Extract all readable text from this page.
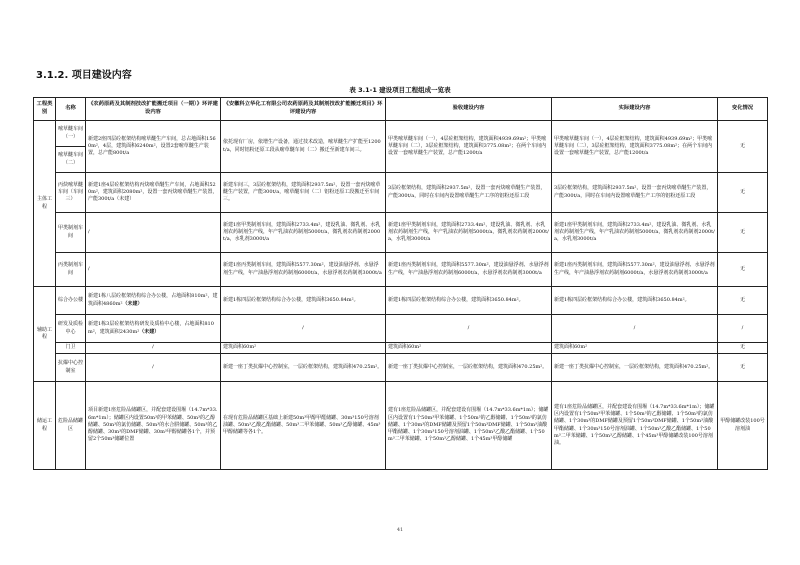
3.1.2. 项目建设内容
表 3.1-1 建设项目工程组成一览表
工程类别	名称	《农药原药及其制剂技改扩能搬迁项目（一期）》环评建设内容	《安徽科立华化工有限公司农药原药及其制剂技改扩能搬迁项目》环评建设内容	验收建设内容	实际建设内容	变化情况
主体工程	嘧草醚车间（一）	新建2座四层砼框架结构嘧草醚生产车间，总占地面积1560m²，4层，建筑面积6240m²，设置2套嘧草醚生产装置，总产能800t/a	依托现有厂房，依增生产设备，通过技术改造，嘧草醚生产扩能至1200t/a，同时铝粉还原工段从嘧草醚车间（二）搬迁至新建车间三。	甲类嘧草醚车间（一），4层砼框架结构，建筑面积4939.69m²；甲类嘧草醚车间（二），3层砼框架结构，建筑面积3775.08m²；在两个车间内设置一套嘧草醚生产装置，总产能1200t/a	甲类嘧草醚车间（一），4层砼框架结构，建筑面积4939.69m²；甲类嘧草醚车间（二），3层砼框架结构，建筑面积3775.08m²；在两个车间内设置一套嘧草醚生产装置，总产能1200t/a	无
	嘧草醚车间（二）					
	丙炔嘧草醚车间（车间三）	新建1座4层砼框架结构丙炔嘧草醚生产车间，占地面积520m²，建筑面积2080m²，设置一套丙炔嘧草醚生产装置，产能300t/a（未建）	新建车间三，3层砼框架结构，建筑面积2937.5m²，设置一套丙炔嘧草醚生产装置，产能300t/a，嘧草醚车间（二）铝粉还原工段搬迁至车间三。	3层砼框架结构，建筑面积2937.5m²，设置一套丙炔嘧草醚生产装置，产能300t/a，同时在车间内设置嘧草醚生产工序的铝粉还原工段	3层砼框架结构，建筑面积2937.5m²，设置一套丙炔嘧草醚生产装置，产能300t/a，同时在车间内设置嘧草醚生产工序的铝粉还原工段	无
	甲类制剂车间	/	新建1座甲类制剂车间，建筑面积2733.4m²，建设乳油、微乳剂、水乳剂农药制剂生产线，年产乳油农药制剂5000t/a，微乳剂农药制剂2000t/a，水乳剂3000t/a	新建1座甲类制剂车间，建筑面积2733.4m²，建设乳油、微乳剂、水乳剂农药制剂生产线，年产乳油农药制剂5000t/a，微乳剂农药制剂2000t/a，水乳剂3000t/a	新建1座甲类制剂车间，建筑面积2733.4m²，建设乳油、微乳剂、水乳剂农药制剂生产线，年产乳油农药制剂5000t/a，微乳剂农药制剂2000t/a，水乳剂3000t/a	无
	丙类制剂车间	/	新建1座丙类制剂车间，建筑面积5577.30m²，建设油悬浮剂、水悬浮剂生产线，年产油悬浮剂农药制剂6000t/a，水悬浮剂农药制剂3000t/a	新建1座丙类制剂车间，建筑面积5577.30m²，建设油悬浮剂、水悬浮剂生产线，年产油悬浮剂农药制剂6000t/a，水悬浮剂农药制剂3000t/a	新建1座丙类制剂车间，建筑面积5577.30m²，建设油悬浮剂、水悬浮剂生产线，年产油悬浮剂农药制剂6000t/a，水悬浮剂农药制剂3000t/a	无
辅助工程	综合办公楼	新建1栋八层砼框架结构综合办公楼，占地面积810m²，建筑面积4860m²（未建）	新建1栋四层砼框架结构综合办公楼，建筑面积3650.84m²。	新建1栋四层砼框架结构综合办公楼，建筑面积3650.84m²。	新建1栋四层砼框架结构综合办公楼，建筑面积3650.84m²。	无
	研发及质检中心	新建1栋3层砼框架结构研发及质检中心楼，占地面积810m²，建筑面积2430m²（未建）	/	/	/	/
	门卫	/	建筑面积60m²	建筑面积60m²	建筑面积60m²	无
	抗爆中心控制室	/	新建一座丁类抗爆中心控制室，一层砼框架结构，建筑面积470.25m²。	新建一座丁类抗爆中心控制室，一层砼框架结构，建筑面积470.25m²。	新建一座丁类抗爆中心控制室，一层砼框架结构，建筑面积470.25m²。	无
储运工程	危险品储罐区	项目新建1座危险品储罐区，并配套建设围堰（14.7m*33.6m*1m）；储罐区内设置50m³的甲苯储罐、50m³的乙醇储罐、50m³的氯仿储罐、50m³的水合肼储罐、50m³的乙醇储罐、30m³的DMF储罐、30m³甲醇储罐各1个，并预留2个50m³储罐位置	在现有危险品储罐区基础上新建50m³甲醇甲醛储罐、30m³150号溶剂油罐、50m³乙酸乙酯储罐、50m³二甲苯储罐、50m³乙醇储罐、45m³甲醇储罐等各1个。	建有1座危险品储罐区，并配套建设有围堰（14.7m*33.6m*1m）；储罐区内设置有1个50m³甲苯储罐、1个50m³的乙醇储罐、1个50m³的氯仿储罐、1个30m³的DMF储罐及预留1个50m³DMF储罐、1个50m³油酸甲酯储罐、1个30m³150号溶剂油罐、1个50m³乙酸乙酯储罐、1个50m³二甲苯储罐、1个50m³乙醇储罐、1个45m³甲醇储罐	建有1座危险品储罐区，并配套建设有围堰（14.7m*33.6m*1m）；储罐区内设置有1个50m³甲苯储罐、1个50m³的乙醇储罐、1个50m³的氯仿储罐、1个30m³的DMF储罐及预留1个50m³DMF储罐、1个50m³油酸甲酯储罐、1个30m³150号溶剂油罐、1个50m³乙酸乙酯储罐、1个50m³二甲苯储罐、1个50m³乙醇储罐、1个45m³甲醇储罐改装100号溶剂油。	甲醇储罐改装100号溶剂油
41
